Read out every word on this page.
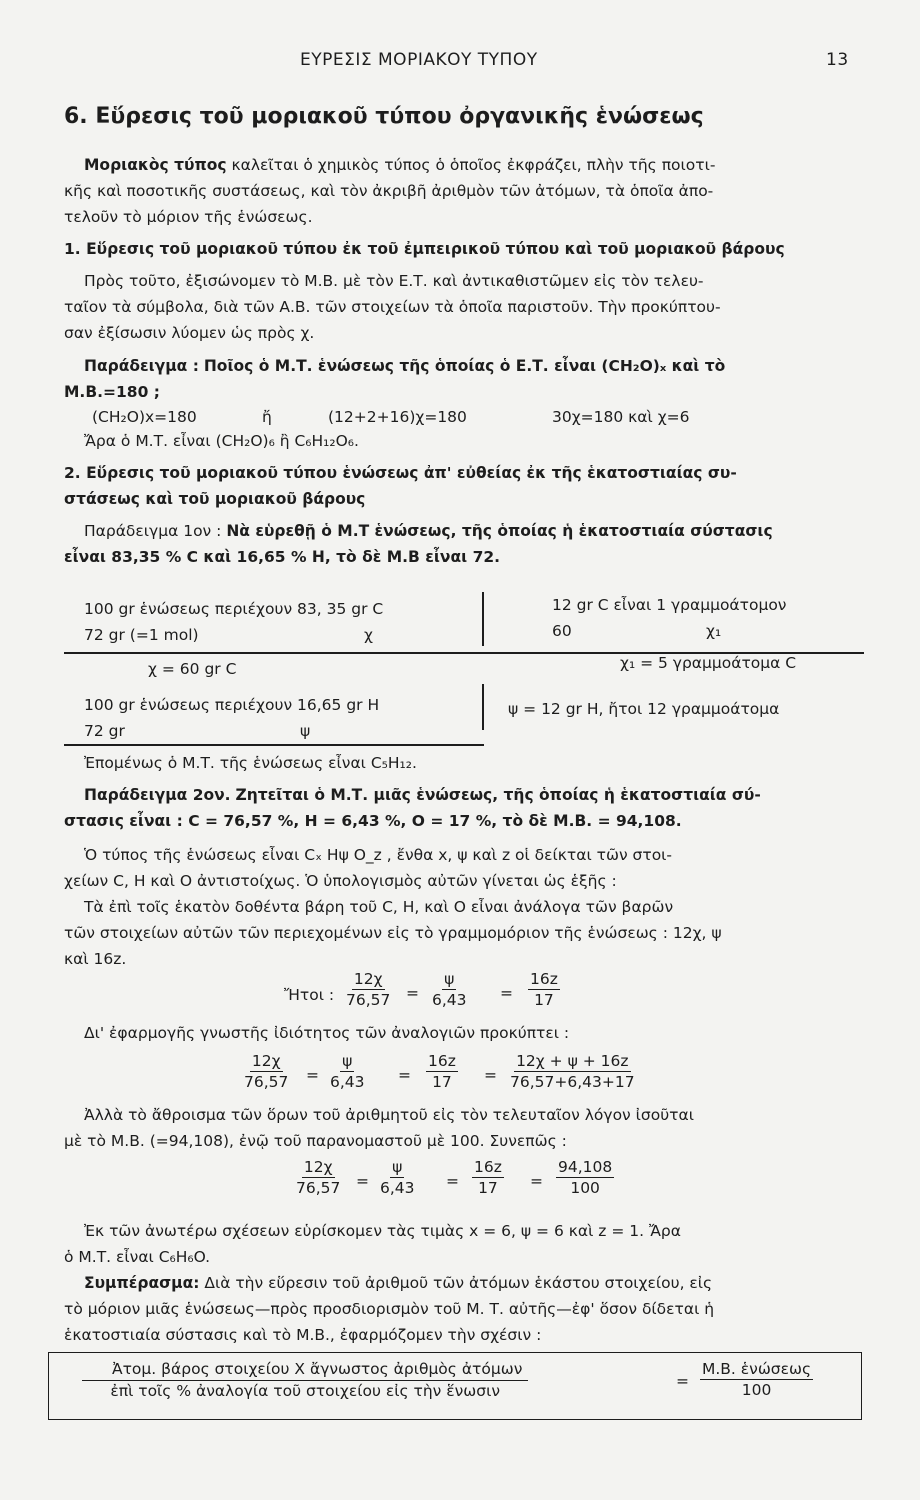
ΕΥΡΕΣΙΣ ΜΟΡΙΑΚΟΥ ΤΥΠΟΥ	13
6. Εὕρεσις τοῦ μοριακοῦ τύπου ὀργανικῆς ἑνώσεως
Μοριακὸς τύπος καλεῖται ὁ χημικὸς τύπος ὁ ὁποῖος ἐκφράζει, πλὴν τῆς ποιοτι-
κῆς καὶ ποσοτικῆς συστάσεως, καὶ τὸν ἀκριβῆ ἀριθμὸν τῶν ἀτόμων, τὰ ὁποῖα ἀπο-
τελοῦν τὸ μόριον τῆς ἑνώσεως.
1. Εὕρεσις τοῦ μοριακοῦ τύπου ἐκ τοῦ ἐμπειρικοῦ τύπου καὶ τοῦ μοριακοῦ βάρους
Πρὸς τοῦτο, ἐξισώνομεν τὸ Μ.Β. μὲ τὸν Ε.Τ. καὶ ἀντικαθιστῶμεν εἰς τὸν τελευ-
ταῖον τὰ σύμβολα, διὰ τῶν Α.Β. τῶν στοιχείων τὰ ὁποῖα παριστοῦν. Τὴν προκύπτου-
σαν ἐξίσωσιν λύομεν ὡς πρὸς χ.
Παράδειγμα : Ποῖος ὁ Μ.Τ. ἑνώσεως τῆς ὁποίας ὁ Ε.Τ. εἶναι (CH₂O)ₓ καὶ τὸ
Μ.Β.=180 ;
(CH₂O)x=180	ἤ	(12+2+16)χ=180	30χ=180 καὶ χ=6
Ἄρα ὁ Μ.Τ. εἶναι (CH₂O)₆ ἢ C₆H₁₂O₆.
2. Εὕρεσις τοῦ μοριακοῦ τύπου ἑνώσεως ἀπ' εὐθείας ἐκ τῆς ἑκατοστιαίας συ-
στάσεως καὶ τοῦ μοριακοῦ βάρους
Παράδειγμα 1ον : Νὰ εὑρεθῇ ὁ Μ.Τ ἑνώσεως, τῆς ὁποίας ἡ ἑκατοστιαία σύστασις
εἶναι 83,35 % C καὶ 16,65 % Η, τὸ δὲ Μ.Β εἶναι 72.
100 gr ἑνώσεως περιέχουν 83, 35 gr C
72 gr (=1 mol)	χ
χ = 60 gr C
12 gr C εἶναι 1 γραμμοάτομον
60	χ₁
χ₁ = 5 γραμμοάτομα C
100 gr ἑνώσεως περιέχουν 16,65 gr H
72 gr	ψ
ψ = 12 gr Η, ἤτοι 12 γραμμοάτομα
Ἐπομένως ὁ Μ.Τ. τῆς ἑνώσεως εἶναι C₅H₁₂.
Παράδειγμα 2ον. Ζητεῖται ὁ Μ.Τ. μιᾶς ἑνώσεως, τῆς ὁποίας ἡ ἑκατοστιαία σύ-
στασις εἶναι : C = 76,57 %, H = 6,43 %, O = 17 %, τὸ δὲ Μ.Β. = 94,108.
Ὁ τύπος τῆς ἑνώσεως εἶναι Cₓ Hψ O_z , ἔνθα x, ψ καὶ z οἱ δείκται τῶν στοι-
χείων C, H καὶ O ἀντιστοίχως. Ὁ ὑπολογισμὸς αὐτῶν γίνεται ὡς ἑξῆς :
Τὰ ἐπὶ τοῖς ἑκατὸν δοθέντα βάρη τοῦ C, H, καὶ O εἶναι ἀνάλογα τῶν βαρῶν
τῶν στοιχείων αὐτῶν τῶν περιεχομένων εἰς τὸ γραμμομόριον τῆς ἑνώσεως : 12χ, ψ
καὶ 16z.
Ἤτοι : $\frac{12\chi}{76,57} = \frac{\psi}{6,43} = \frac{16z}{17}$
Δι' ἐφαρμογῆς γνωστῆς ἰδιότητος τῶν ἀναλογιῶν προκύπτει :
$\frac{12\chi}{76,57} = \frac{\psi}{6,43} = \frac{16z}{17} = \frac{12\chi + \psi + 16z}{76,57+6,43+17}$
Ἀλλὰ τὸ ἄθροισμα τῶν ὅρων τοῦ ἀριθμητοῦ εἰς τὸν τελευταῖον λόγον ἰσοῦται
μὲ τὸ Μ.Β. (=94,108), ἐνῷ τοῦ παρανομαστοῦ μὲ 100. Συνεπῶς :
$\frac{12\chi}{76,57} = \frac{\psi}{6,43} = \frac{16z}{17} = \frac{94,108}{100}$
Ἐκ τῶν ἀνωτέρω σχέσεων εὑρίσκομεν τὰς τιμὰς x = 6, ψ = 6 καὶ z = 1. Ἄρα
ὁ Μ.Τ. εἶναι C₆H₆O.
Συμπέρασμα: Διὰ τὴν εὕρεσιν τοῦ ἀριθμοῦ τῶν ἀτόμων ἑκάστου στοιχείου, εἰς
τὸ μόριον μιᾶς ἑνώσεως—πρὸς προσδιορισμὸν τοῦ Μ. Τ. αὐτῆς—ἐφ' ὅσον δίδεται ἡ
ἑκατοστιαία σύστασις καὶ τὸ Μ.Β., ἐφαρμόζομεν τὴν σχέσιν :
Ἀτομ. βάρος στοιχείου Χ ἄγνωστος ἀριθμὸς ἀτόμων
ἐπὶ τοῖς % ἀναλογία τοῦ στοιχείου εἰς τὴν ἕνωσιν
=
Μ.Β. ἑνώσεως
100
